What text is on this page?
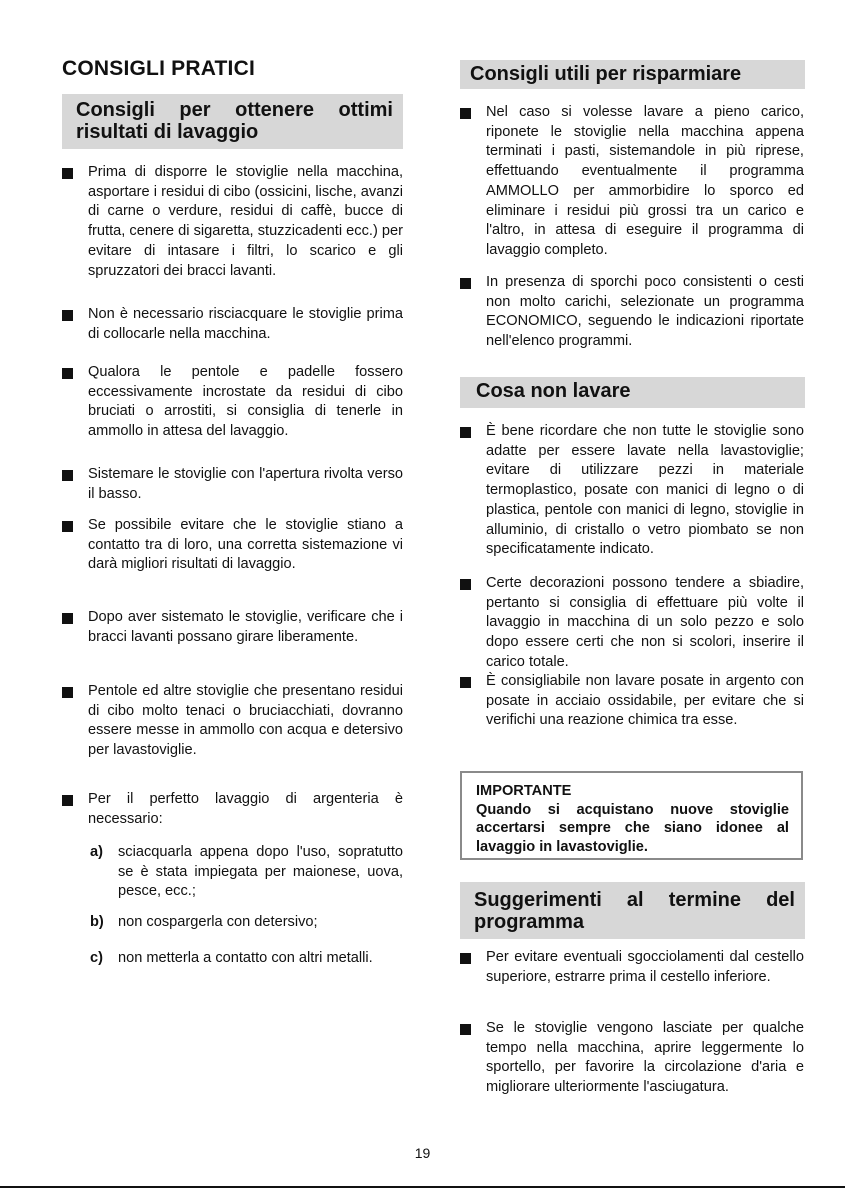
CONSIGLI PRATICI
Consigli per ottenere ottimi risultati di lavaggio
Prima di disporre le stoviglie nella macchina, asportare i residui di cibo (ossicini, lische, avanzi di carne o verdure, residui di caffè, bucce di frutta, cenere di sigaretta, stuzzicadenti ecc.) per evitare di intasare i filtri, lo scarico e gli spruzzatori dei bracci lavanti.
Non è necessario risciacquare le stoviglie prima di collocarle nella macchina.
Qualora le pentole e padelle fossero eccessivamente incrostate da residui di cibo bruciati o arrostiti, si consiglia di tenerle in ammollo in attesa del lavaggio.
Sistemare le stoviglie con l'apertura rivolta verso il basso.
Se possibile evitare che le stoviglie stiano a contatto tra di loro, una corretta sistemazione vi darà migliori risultati di lavaggio.
Dopo aver sistemato le stoviglie, verificare che i bracci lavanti possano girare liberamente.
Pentole ed altre stoviglie che presentano residui di cibo molto tenaci o bruciacchiati, dovranno essere messe in ammollo con acqua e detersivo per lavastoviglie.
Per il perfetto lavaggio di argenteria è necessario:
a)	sciacquarla appena dopo l'uso, sopratutto se è stata impiegata per maionese, uova, pesce, ecc.;
b) non cospargerla con detersivo;
c)	non metterla a contatto con altri metalli.
Consigli utili per risparmiare
Nel caso si volesse lavare a pieno carico, riponete le stoviglie nella macchina appena terminati i pasti, sistemandole in più riprese, effettuando eventualmente il programma AMMOLLO per ammorbidire lo sporco ed eliminare i residui più grossi tra un carico e l'altro, in attesa di eseguire il programma di lavaggio completo.
In presenza di sporchi poco consistenti o cesti non molto carichi, selezionate un programma ECONOMICO, seguendo le indicazioni riportate nell'elenco programmi.
Cosa non lavare
È bene ricordare che non tutte le stoviglie sono adatte per essere lavate nella lavastoviglie; evitare di utilizzare pezzi in materiale termoplastico, posate con manici di legno o di plastica, pentole con manici di legno, stoviglie in alluminio, di cristallo o vetro piombato se non specificatamente indicato.
Certe decorazioni possono tendere a sbiadire, pertanto si consiglia di effettuare più volte il lavaggio in macchina di un solo pezzo e solo dopo essere certi che non si scolori, inserire il carico totale.
È consigliabile non lavare posate in argento con posate in acciaio ossidabile, per evitare che si verifichi una reazione chimica tra esse.
IMPORTANTE
Quando si acquistano nuove stoviglie accertarsi sempre che siano idonee al lavaggio in lavastoviglie.
Suggerimenti al termine del programma
Per evitare eventuali sgocciolamenti dal cestello superiore, estrarre prima il cestello inferiore.
Se le stoviglie vengono lasciate per qualche tempo nella macchina, aprire leggermente lo sportello, per favorire la circolazione d'aria e migliorare ulteriormente l'asciugatura.
19
